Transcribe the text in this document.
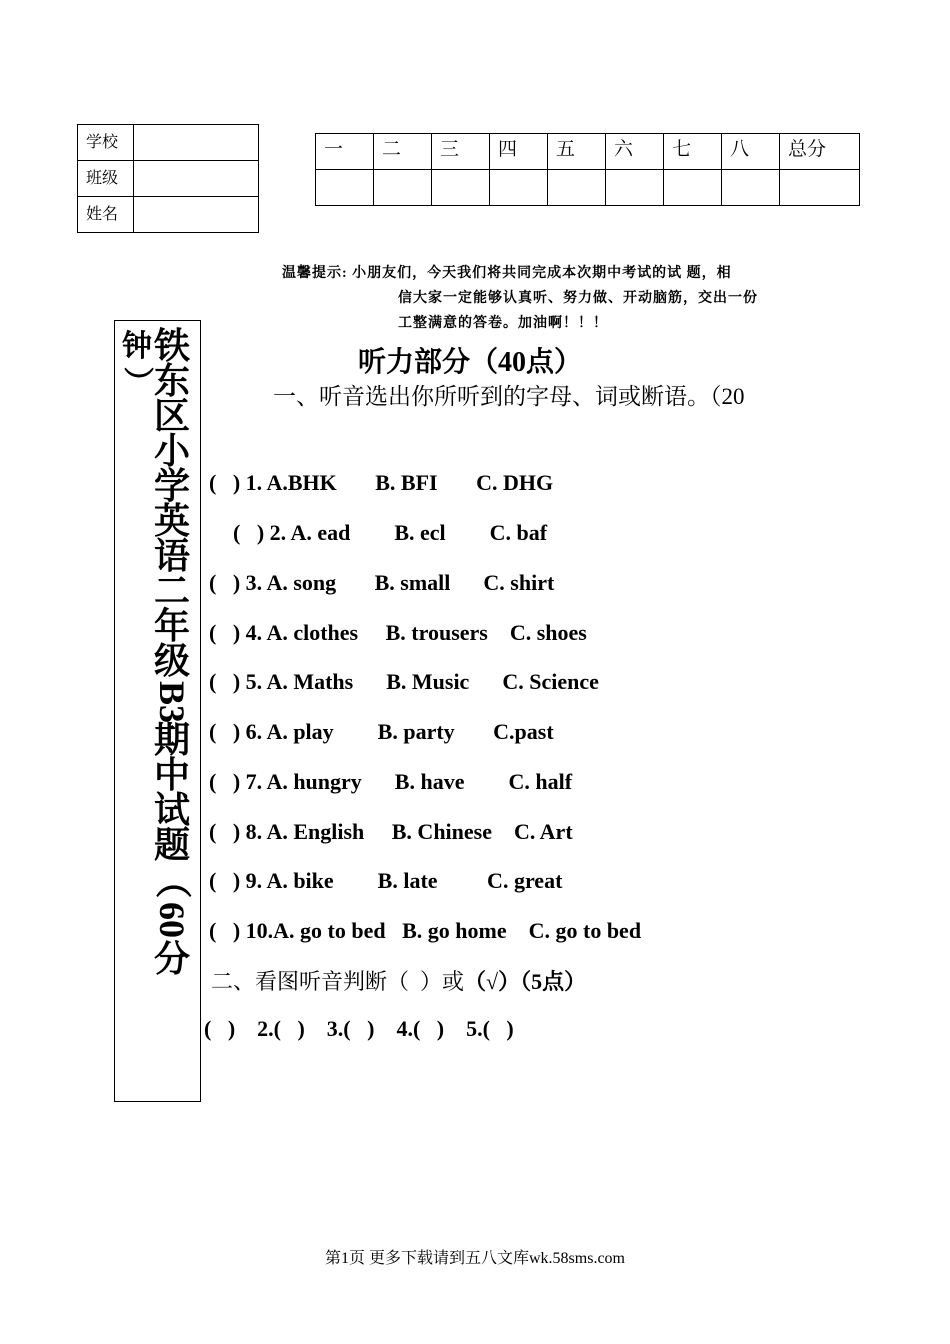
学校	
班级	
姓名	
一	二	三	四	五	六	七	八	总分

温馨提示: 小朋友们，今天我们将共同完成本次期中考试的试 题，相
信大家一定能够认真听、努力做、开动脑筋，交出一份
工整满意的答卷。加油啊！！！
铁
东
区
小
学
英
语
二
年
级
B3
期
中
试
题
（
60
分
钟
）
听力部分（40点）
一、听音选出你所听到的字母、词或断语。（20
(   ) 1. A.BHK       B. BFI       C. DHG
(   ) 2. A. ead        B. ecl        C. baf
(   ) 3. A. song       B. small      C. shirt
(   ) 4. A. clothes     B. trousers    C. shoes
(   ) 5. A. Maths      B. Music      C. Science
(   ) 6. A. play        B. party       C.past
(   ) 7. A. hungry      B. have        C. half
(   ) 8. A. English     B. Chinese    C. Art
(   ) 9. A. bike        B. late         C. great
(   ) 10.A. go to bed   B. go home    C. go to bed
二、看图听音判断（  ）或（√）（5点）
(   )    2.(   )    3.(   )    4.(   )    5.(   )
第1页 更多下载请到五八文库wk.58sms.com
